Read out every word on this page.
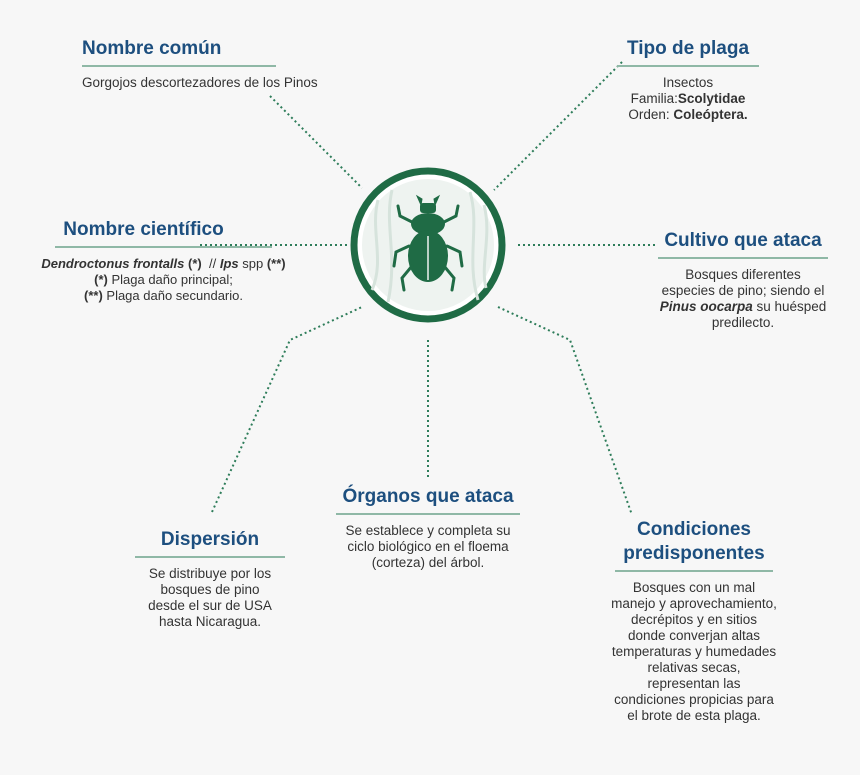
Nombre común
Gorgojos descortezadores de los Pinos
Tipo de plaga
Insectos
Familia:Scolytidae
Orden: Coleóptera.
Nombre científico
Dendroctonus frontalls (*) // Ips spp (**)
(*) Plaga daño principal;
(**) Plaga daño secundario.
Cultivo que ataca
Bosques diferentes
especies de pino; siendo el
Pinus oocarpa su huésped
predilecto.
Órganos que ataca
Se establece y completa su
ciclo biológico en el floema
(corteza) del árbol.
Dispersión
Se distribuye por los
bosques de pino
desde el sur de USA
hasta Nicaragua.
Condiciones
predisponentes
Bosques con un mal
manejo y aprovechamiento,
decrépitos y en sitios
donde converjan altas
temperaturas y humedades
relativas secas,
representan las
condiciones propicias para
el brote de esta plaga.
